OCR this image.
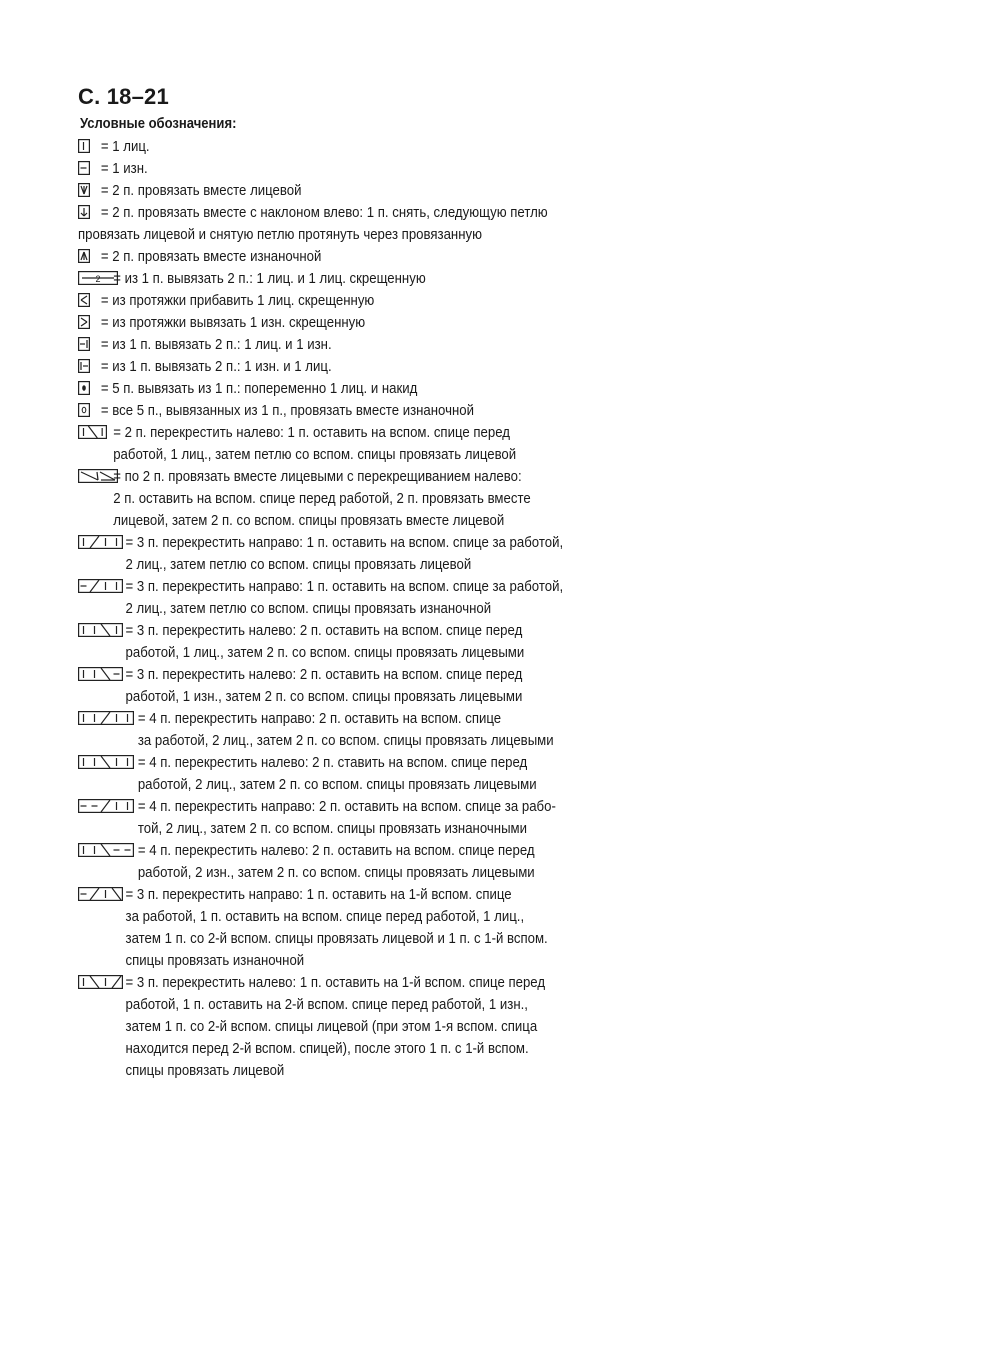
С. 18–21
Условные обозначения:
= 1 лиц.
= 1 изн.
= 2 п. провязать вместе лицевой
= 2 п. провязать вместе с наклоном влево: 1 п. снять, следующую петлю
провязать лицевой и снятую петлю протянуть через провязанную
= 2 п. провязать вместе изнаночной
2 = из 1 п. вывязать 2 п.: 1 лиц. и 1 лиц. скрещенную
= из протяжки прибавить 1 лиц. скрещенную
= из протяжки вывязать 1 изн. скрещенную
= из 1 п. вывязать 2 п.: 1 лиц. и 1 изн.
= из 1 п. вывязать 2 п.: 1 изн. и 1 лиц.
= 5 п. вывязать из 1 п.: попеременно 1 лиц. и накид
= все 5 п., вывязанных из 1 п., провязать вместе изнаночной
= 2 п. перекрестить налево: 1 п. оставить на вспом. спице перед
работой, 1 лиц., затем петлю со вспом. спицы провязать лицевой
= по 2 п. провязать вместе лицевыми с перекрещиванием налево:
2 п. оставить на вспом. спице перед работой, 2 п. провязать вместе
лицевой, затем 2 п. со вспом. спицы провязать вместе лицевой
= 3 п. перекрестить направо: 1 п. оставить на вспом. спице за работой,
2 лиц., затем петлю со вспом. спицы провязать лицевой
= 3 п. перекрестить направо: 1 п. оставить на вспом. спице за работой,
2 лиц., затем петлю со вспом. спицы провязать изнаночной
= 3 п. перекрестить налево: 2 п. оставить на вспом. спице перед
работой, 1 лиц., затем 2 п. со вспом. спицы провязать лицевыми
= 3 п. перекрестить налево: 2 п. оставить на вспом. спице перед
работой, 1 изн., затем 2 п. со вспом. спицы провязать лицевыми
= 4 п. перекрестить направо: 2 п. оставить на вспом. спице
за работой, 2 лиц., затем 2 п. со вспом. спицы провязать лицевыми
= 4 п. перекрестить налево: 2 п. ставить на вспом. спице перед
работой, 2 лиц., затем 2 п. со вспом. спицы провязать лицевыми
= 4 п. перекрестить направо: 2 п. оставить на вспом. спице за рабо-
той, 2 лиц., затем 2 п. со вспом. спицы провязать изнаночными
= 4 п. перекрестить налево: 2 п. оставить на вспом. спице перед
работой, 2 изн., затем 2 п. со вспом. спицы провязать лицевыми
= 3 п. перекрестить направо: 1 п. оставить на 1-й вспом. спице
за работой, 1 п. оставить на вспом. спице перед работой, 1 лиц.,
затем 1 п. со 2-й вспом. спицы провязать лицевой и 1 п. с 1-й вспом.
спицы провязать изнаночной
= 3 п. перекрестить налево: 1 п. оставить на 1-й вспом. спице перед
работой, 1 п. оставить на 2-й вспом. спице перед работой, 1 изн.,
затем 1 п. со 2-й вспом. спицы лицевой (при этом 1-я вспом. спица
находится перед 2-й вспом. спицей), после этого 1 п. с 1-й вспом.
спицы провязать лицевой
